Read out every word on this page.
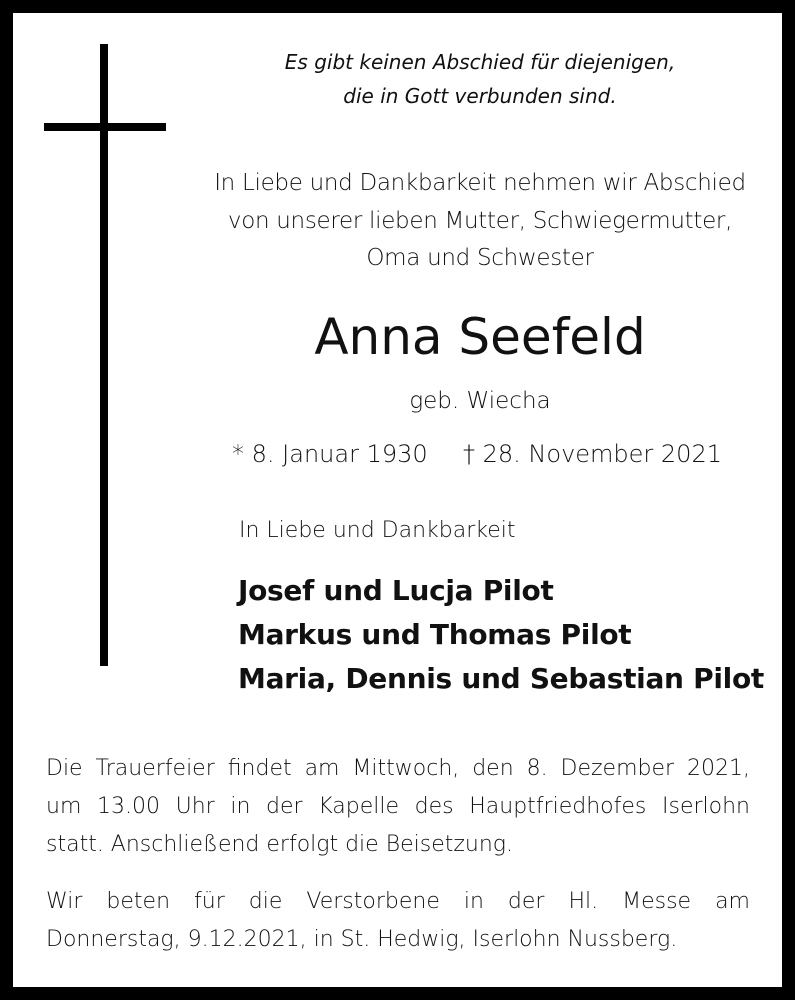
Es gibt keinen Abschied für diejenigen,

die in Gott verbunden sind.

In Liebe und Dankbarkeit nehmen wir Abschied

von unserer lieben Mutter, Schwiegermutter,

Oma und Schwester

Anna Seefeld

geb. Wiecha

* 8. Januar 1930 † 28. November 2021

In Liebe und Dankbarkeit

Josef und Lucja Pilot

Markus und Thomas Pilot

Maria, Dennis und Sebastian Pilot

Die Trauerfeier findet am Mittwoch, den 8. Dezember 2021,
um 13.00 Uhr in der Kapelle des Hauptfriedhofes Iserlohn
statt. Anschließend erfolgt die Beisetzung.
Wir beten für die Verstorbene in der Hl. Messe am
Donnerstag, 9.12.2021, in St. Hedwig, Iserlohn Nussberg.
